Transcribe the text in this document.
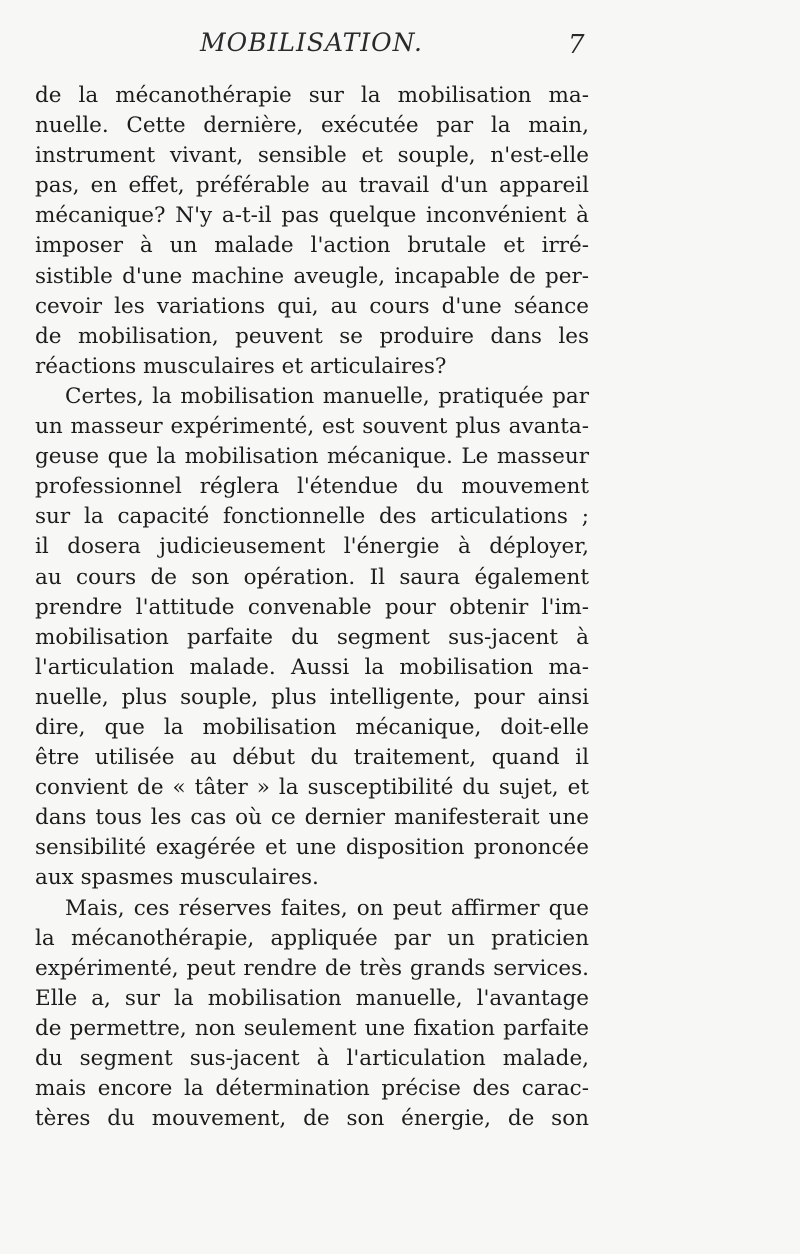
MOBILISATION.	7
de la mécanothérapie sur la mobilisation ma-
nuelle. Cette dernière, exécutée par la main,
instrument vivant, sensible et souple, n'est-elle
pas, en effet, préférable au travail d'un appareil
mécanique? N'y a-t-il pas quelque inconvénient à
imposer à un malade l'action brutale et irré-
sistible d'une machine aveugle, incapable de per-
cevoir les variations qui, au cours d'une séance
de mobilisation, peuvent se produire dans les
réactions musculaires et articulaires?
Certes, la mobilisation manuelle, pratiquée par
un masseur expérimenté, est souvent plus avanta-
geuse que la mobilisation mécanique. Le masseur
professionnel réglera l'étendue du mouvement
sur la capacité fonctionnelle des articulations ;
il dosera judicieusement l'énergie à déployer,
au cours de son opération. Il saura également
prendre l'attitude convenable pour obtenir l'im-
mobilisation parfaite du segment sus-jacent à
l'articulation malade. Aussi la mobilisation ma-
nuelle, plus souple, plus intelligente, pour ainsi
dire, que la mobilisation mécanique, doit-elle
être utilisée au début du traitement, quand il
convient de « tâter » la susceptibilité du sujet, et
dans tous les cas où ce dernier manifesterait une
sensibilité exagérée et une disposition prononcée
aux spasmes musculaires.
Mais, ces réserves faites, on peut affirmer que
la mécanothérapie, appliquée par un praticien
expérimenté, peut rendre de très grands services.
Elle a, sur la mobilisation manuelle, l'avantage
de permettre, non seulement une fixation parfaite
du segment sus-jacent à l'articulation malade,
mais encore la détermination précise des carac-
tères du mouvement, de son énergie, de son
